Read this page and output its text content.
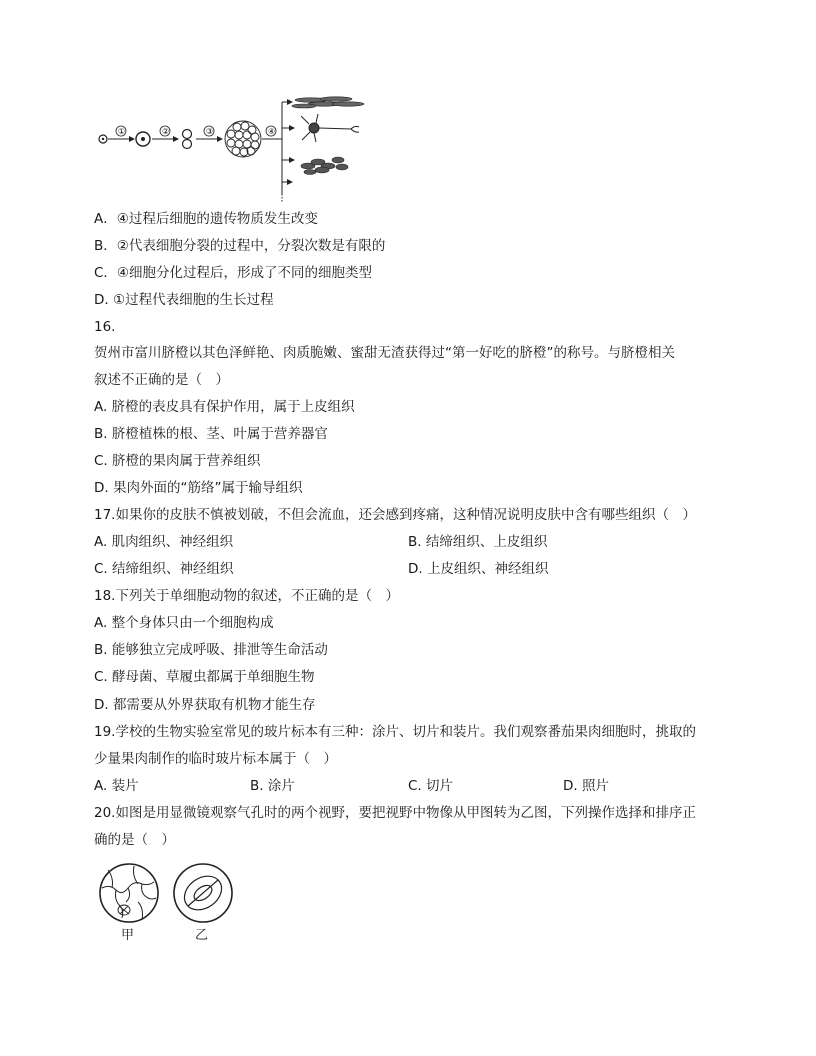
①	②	③	④
A．④过程后细胞的遗传物质发生改变
B．②代表细胞分裂的过程中，分裂次数是有限的
C．④细胞分化过程后，形成了不同的细胞类型
D. ①过程代表细胞的生长过程
16.
贺州市富川脐橙以其色泽鲜艳、肉质脆嫩、蜜甜无渣获得过“第一好吃的脐橙”的称号。与脐橙相关
叙述不正确的是（　）
A. 脐橙的表皮具有保护作用，属于上皮组织
B. 脐橙植株的根、茎、叶属于营养器官
C. 脐橙的果肉属于营养组织
D. 果肉外面的“筋络”属于输导组织
17.如果你的皮肤不慎被划破，不但会流血，还会感到疼痛，这种情况说明皮肤中含有哪些组织（　）
A. 肌肉组织、神经组织	B. 结缔组织、上皮组织
C. 结缔组织、神经组织	D. 上皮组织、神经组织
18.下列关于单细胞动物的叙述，不正确的是（　）
A. 整个身体只由一个细胞构成
B. 能够独立完成呼吸、排泄等生命活动
C. 酵母菌、草履虫都属于单细胞生物
D. 都需要从外界获取有机物才能生存
19.学校的生物实验室常见的玻片标本有三种：涂片、切片和装片。我们观察番茄果肉细胞时，挑取的
少量果肉制作的临时玻片标本属于（　）
A. 装片	B. 涂片	C. 切片	D. 照片
20.如图是用显微镜观察气孔时的两个视野，要把视野中物像从甲图转为乙图，下列操作选择和排序正
确的是（　）
甲	乙
